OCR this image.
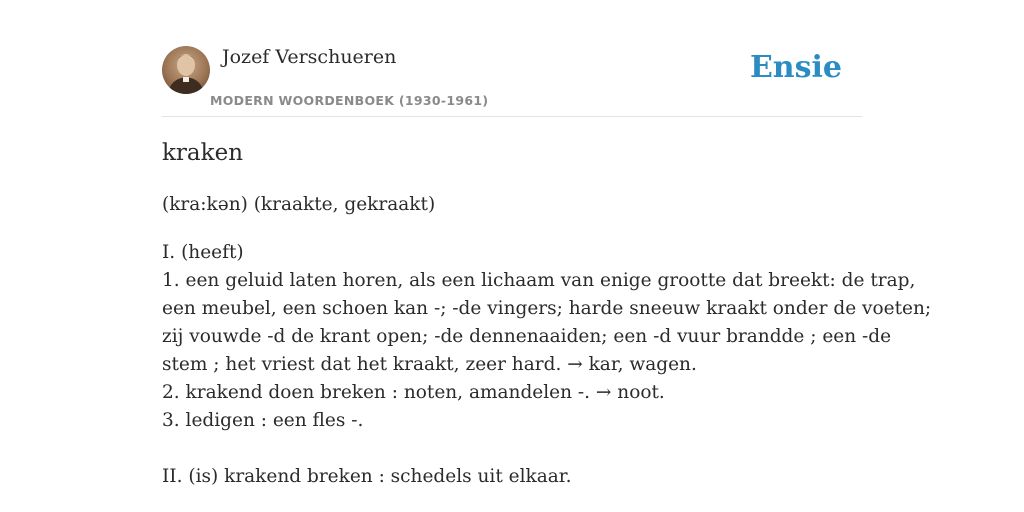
Jozef Verschueren
MODERN WOORDENBOEK (1930-1961)
Ensie
kraken
(kra:kən) (kraakte, gekraakt)
I. (heeft)
1. een geluid laten horen, als een lichaam van enige grootte dat breekt: de trap,
een meubel, een schoen kan -; -de vingers; harde sneeuw kraakt onder de voeten;
zij vouwde -d de krant open; -de dennenaaiden; een -d vuur brandde ; een -de
stem ; het vriest dat het kraakt, zeer hard. → kar, wagen.
2. krakend doen breken : noten, amandelen -. → noot.
3. ledigen : een fles -.
II. (is) krakend breken : schedels uit elkaar.
